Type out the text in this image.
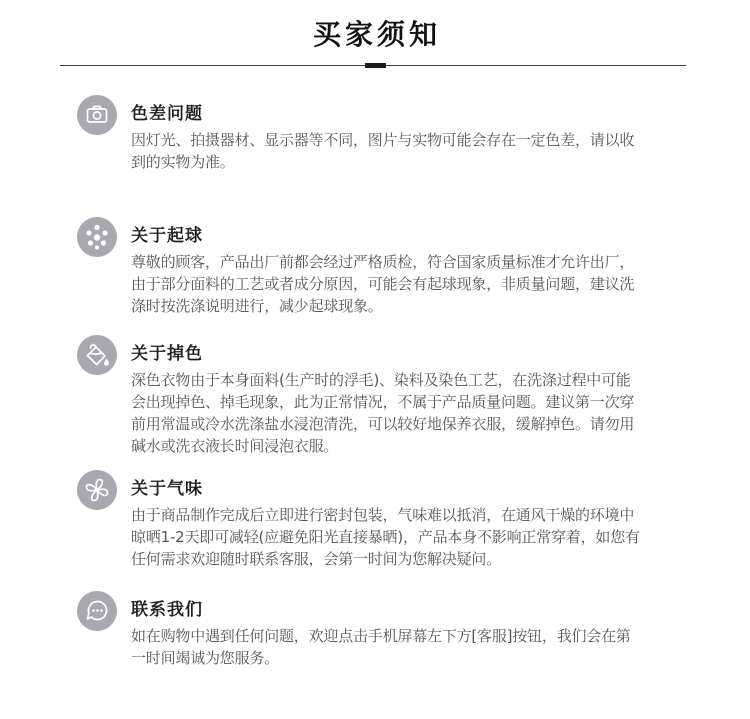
买家须知
色差问题
因灯光、拍摄器材、显示器等不同，图片与实物可能会存在一定色差，请以收
到的实物为准。
关于起球
尊敬的顾客，产品出厂前都会经过严格质检，符合国家质量标准才允许出厂，
由于部分面料的工艺或者成分原因，可能会有起球现象，非质量问题，建议洗
涤时按洗涤说明进行，减少起球现象。
关于掉色
深色衣物由于本身面料(生产时的浮毛)、染料及染色工艺，在洗涤过程中可能
会出现掉色、掉毛现象，此为正常情况，不属于产品质量问题。建议第一次穿
前用常温或冷水洗涤盐水浸泡清洗，可以较好地保养衣服，缓解掉色。请勿用
碱水或洗衣液长时间浸泡衣服。
关于气味
由于商品制作完成后立即进行密封包装，气味难以抵消，在通风干燥的环境中
晾晒1-2天即可减轻(应避免阳光直接暴晒)，产品本身不影响正常穿着，如您有
任何需求欢迎随时联系客服，会第一时间为您解决疑问。
联系我们
如在购物中遇到任何问题，欢迎点击手机屏幕左下方[客服]按钮，我们会在第
一时间竭诚为您服务。
